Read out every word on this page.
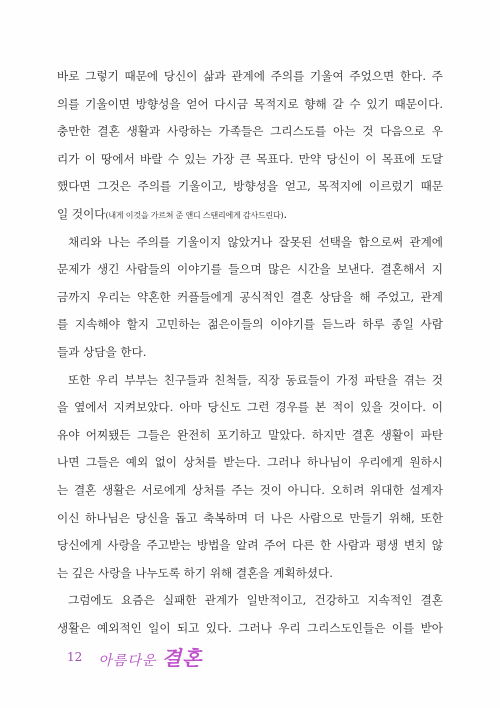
바로 그렇기 때문에 당신이 삶과 관계에 주의를 기울여 주었으면 한다. 주
의를 기울이면 방향성을 얻어 다시금 목적지로 향해 갈 수 있기 때문이다.
충만한 결혼 생활과 사랑하는 가족들은 그리스도를 아는 것 다음으로 우
리가 이 땅에서 바랄 수 있는 가장 큰 목표다. 만약 당신이 이 목표에 도달
했다면 그것은 주의를 기울이고, 방향성을 얻고, 목적지에 이르렀기 때문
일 것이다(내게 이것을 가르쳐 준 앤디 스탠리에게 감사드린다).
채리와 나는 주의를 기울이지 않았거나 잘못된 선택을 함으로써 관계에
문제가 생긴 사람들의 이야기를 들으며 많은 시간을 보낸다. 결혼해서 지
금까지 우리는 약혼한 커플들에게 공식적인 결혼 상담을 해 주었고, 관계
를 지속해야 할지 고민하는 젊은이들의 이야기를 듣느라 하루 종일 사람
들과 상담을 한다.
또한 우리 부부는 친구들과 친척들, 직장 동료들이 가정 파탄을 겪는 것
을 옆에서 지켜보았다. 아마 당신도 그런 경우를 본 적이 있을 것이다. 이
유야 어찌됐든 그들은 완전히 포기하고 말았다. 하지만 결혼 생활이 파탄
나면 그들은 예외 없이 상처를 받는다. 그러나 하나님이 우리에게 원하시
는 결혼 생활은 서로에게 상처를 주는 것이 아니다. 오히려 위대한 설계자
이신 하나님은 당신을 돕고 축복하며 더 나은 사람으로 만들기 위해, 또한
당신에게 사랑을 주고받는 방법을 알려 주어 다른 한 사람과 평생 변치 않
는 깊은 사랑을 나누도록 하기 위해 결혼을 계획하셨다.
그럼에도 요즘은 실패한 관계가 일반적이고, 건강하고 지속적인 결혼
생활은 예외적인 일이 되고 있다. 그러나 우리 그리스도인들은 이를 받아
12 아름다운 결혼
